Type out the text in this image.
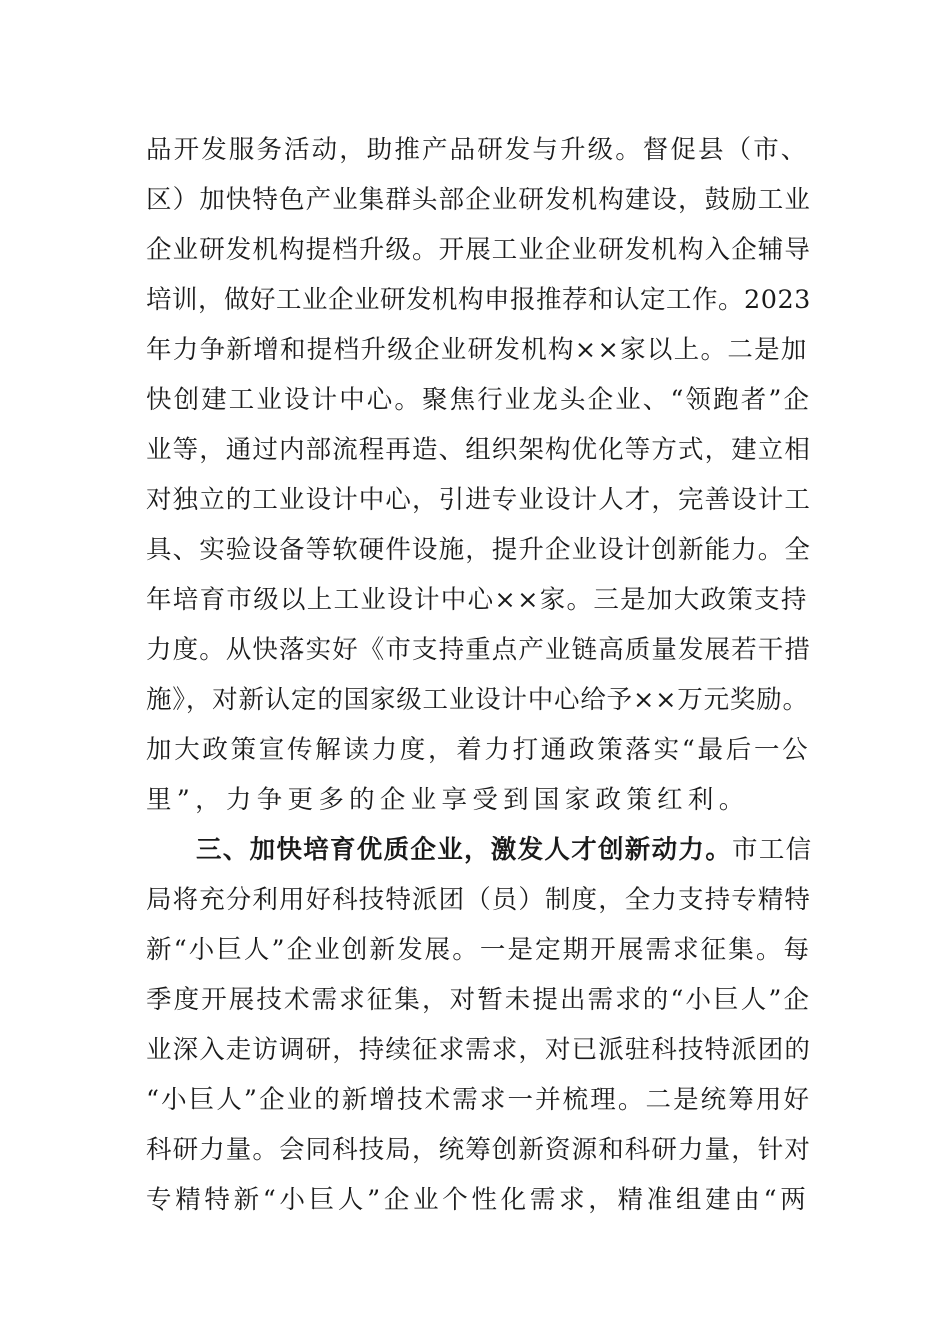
品开发服务活动，助推产品研发与升级。督促县（市、
区）加快特色产业集群头部企业研发机构建设，鼓励工业
企业研发机构提档升级。开展工业企业研发机构入企辅导
培训，做好工业企业研发机构申报推荐和认定工作。2023
年力争新增和提档升级企业研发机构××家以上。二是加
快创建工业设计中心。聚焦行业龙头企业、“领跑者”企
业等，通过内部流程再造、组织架构优化等方式，建立相
对独立的工业设计中心，引进专业设计人才，完善设计工
具、实验设备等软硬件设施，提升企业设计创新能力。全
年培育市级以上工业设计中心××家。三是加大政策支持
力度。从快落实好《市支持重点产业链高质量发展若干措
施》，对新认定的国家级工业设计中心给予××万元奖励。
加大政策宣传解读力度，着力打通政策落实“最后一公
里”，力争更多的企业享受到国家政策红利。
三、加快培育优质企业，激发人才创新动力。市工信
局将充分利用好科技特派团（员）制度，全力支持专精特
新“小巨人”企业创新发展。一是定期开展需求征集。每
季度开展技术需求征集，对暂未提出需求的“小巨人”企
业深入走访调研，持续征求需求，对已派驻科技特派团的
“小巨人”企业的新增技术需求一并梳理。二是统筹用好
科研力量。会同科技局，统筹创新资源和科研力量，针对
专精特新“小巨人”企业个性化需求，精准组建由“两
